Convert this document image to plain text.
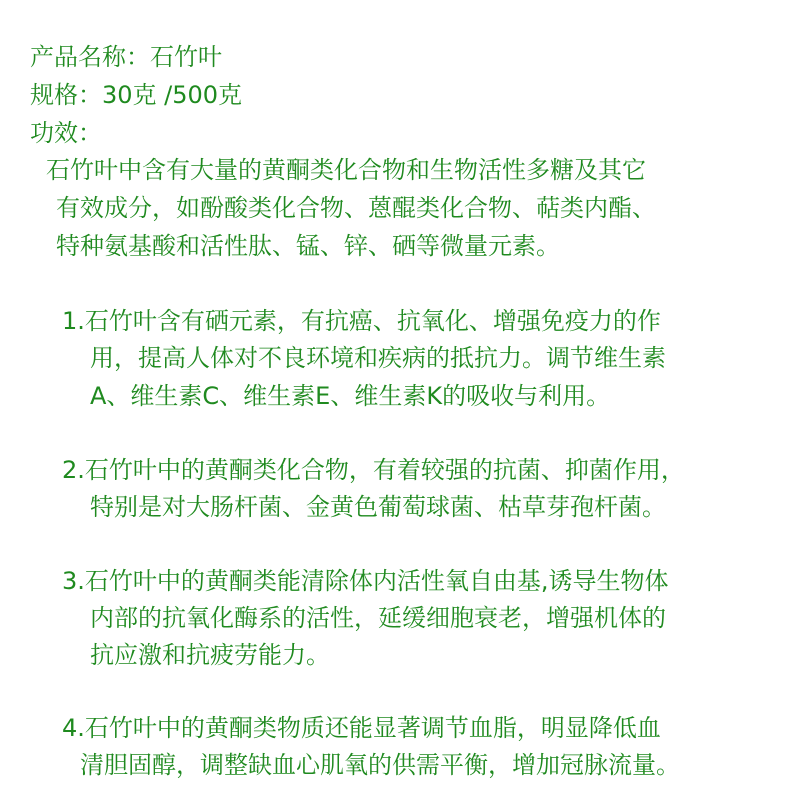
产品名称：石竹叶
规格：30克 /500克
功效：
石竹叶中含有大量的黄酮类化合物和生物活性多糖及其它
有效成分，如酚酸类化合物、蒽醌类化合物、萜类内酯、
特种氨基酸和活性肽、锰、锌、硒等微量元素。
1.石竹叶含有硒元素，有抗癌、抗氧化、增强免疫力的作
用，提高人体对不良环境和疾病的抵抗力。调节维生素
A、维生素C、维生素E、维生素K的吸收与利用。
2.石竹叶中的黄酮类化合物，有着较强的抗菌、抑菌作用，
特别是对大肠杆菌、金黄色葡萄球菌、枯草芽孢杆菌。
3.石竹叶中的黄酮类能清除体内活性氧自由基,诱导生物体
内部的抗氧化酶系的活性，延缓细胞衰老，增强机体的
抗应激和抗疲劳能力。
4.石竹叶中的黄酮类物质还能显著调节血脂，明显降低血
清胆固醇，调整缺血心肌氧的供需平衡，增加冠脉流量。
